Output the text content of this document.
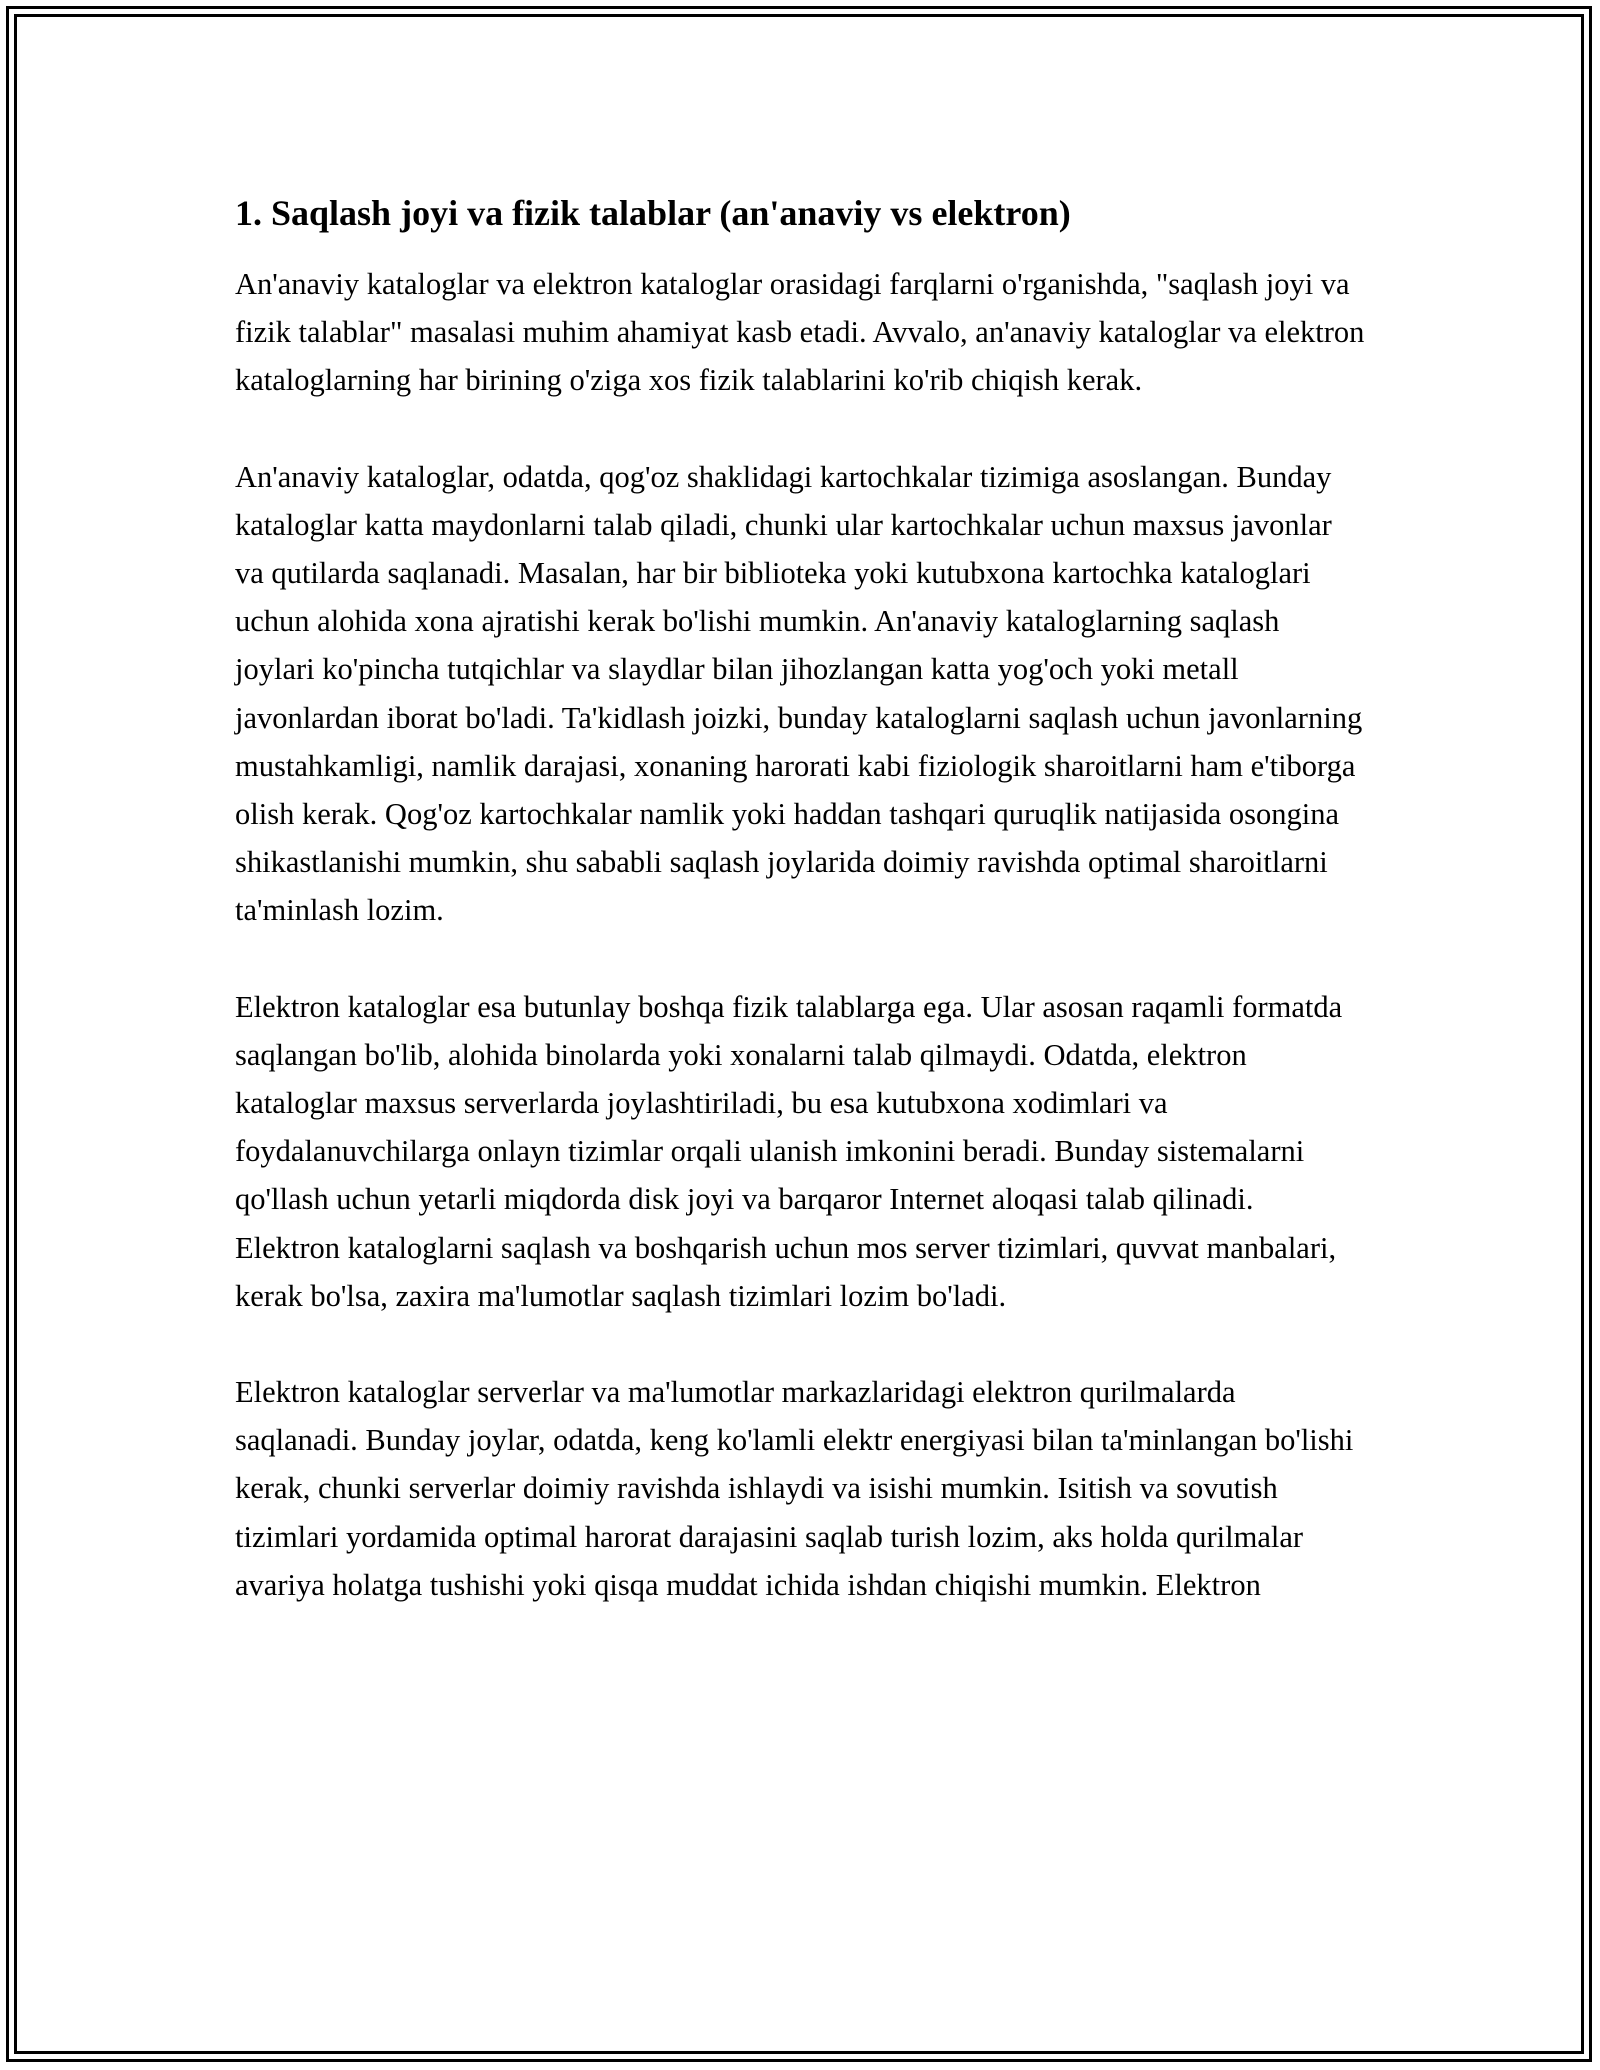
1. Saqlash joyi va fizik talablar (an'anaviy vs elektron)

An'anaviy kataloglar va elektron kataloglar orasidagi farqlarni o'rganishda, "saqlash joyi va fizik talablar" masalasi muhim ahamiyat kasb etadi. Avvalo, an'anaviy kataloglar va elektron kataloglarning har birining o'ziga xos fizik talablarini ko'rib chiqish kerak.

An'anaviy kataloglar, odatda, qog'oz shaklidagi kartochkalar tizimiga asoslangan. Bunday kataloglar katta maydonlarni talab qiladi, chunki ular kartochkalar uchun maxsus javonlar va qutilarda saqlanadi. Masalan, har bir biblioteka yoki kutubxona kartochka kataloglari uchun alohida xona ajratishi kerak bo'lishi mumkin. An'anaviy kataloglarning saqlash joylari ko'pincha tutqichlar va slaydlar bilan jihozlangan katta yog'och yoki metall javonlardan iborat bo'ladi. Ta'kidlash joizki, bunday kataloglarni saqlash uchun javonlarning mustahkamligi, namlik darajasi, xonaning harorati kabi fiziologik sharoitlarni ham e'tiborga olish kerak. Qog'oz kartochkalar namlik yoki haddan tashqari quruqlik natijasida osongina shikastlanishi mumkin, shu sababli saqlash joylarida doimiy ravishda optimal sharoitlarni ta'minlash lozim.

Elektron kataloglar esa butunlay boshqa fizik talablarga ega. Ular asosan raqamli formatda saqlangan bo'lib, alohida binolarda yoki xonalarni talab qilmaydi. Odatda, elektron kataloglar maxsus serverlarda joylashtiriladi, bu esa kutubxona xodimlari va foydalanuvchilarga onlayn tizimlar orqali ulanish imkonini beradi. Bunday sistemalarni qo'llash uchun yetarli miqdorda disk joyi va barqaror Internet aloqasi talab qilinadi. Elektron kataloglarni saqlash va boshqarish uchun mos server tizimlari, quvvat manbalari, kerak bo'lsa, zaxira ma'lumotlar saqlash tizimlari lozim bo'ladi.

Elektron kataloglar serverlar va ma'lumotlar markazlaridagi elektron qurilmalarda saqlanadi. Bunday joylar, odatda, keng ko'lamli elektr energiyasi bilan ta'minlangan bo'lishi kerak, chunki serverlar doimiy ravishda ishlaydi va isishi mumkin. Isitish va sovutish tizimlari yordamida optimal harorat darajasini saqlab turish lozim, aks holda qurilmalar avariya holatga tushishi yoki qisqa muddat ichida ishdan chiqishi mumkin. Elektron
